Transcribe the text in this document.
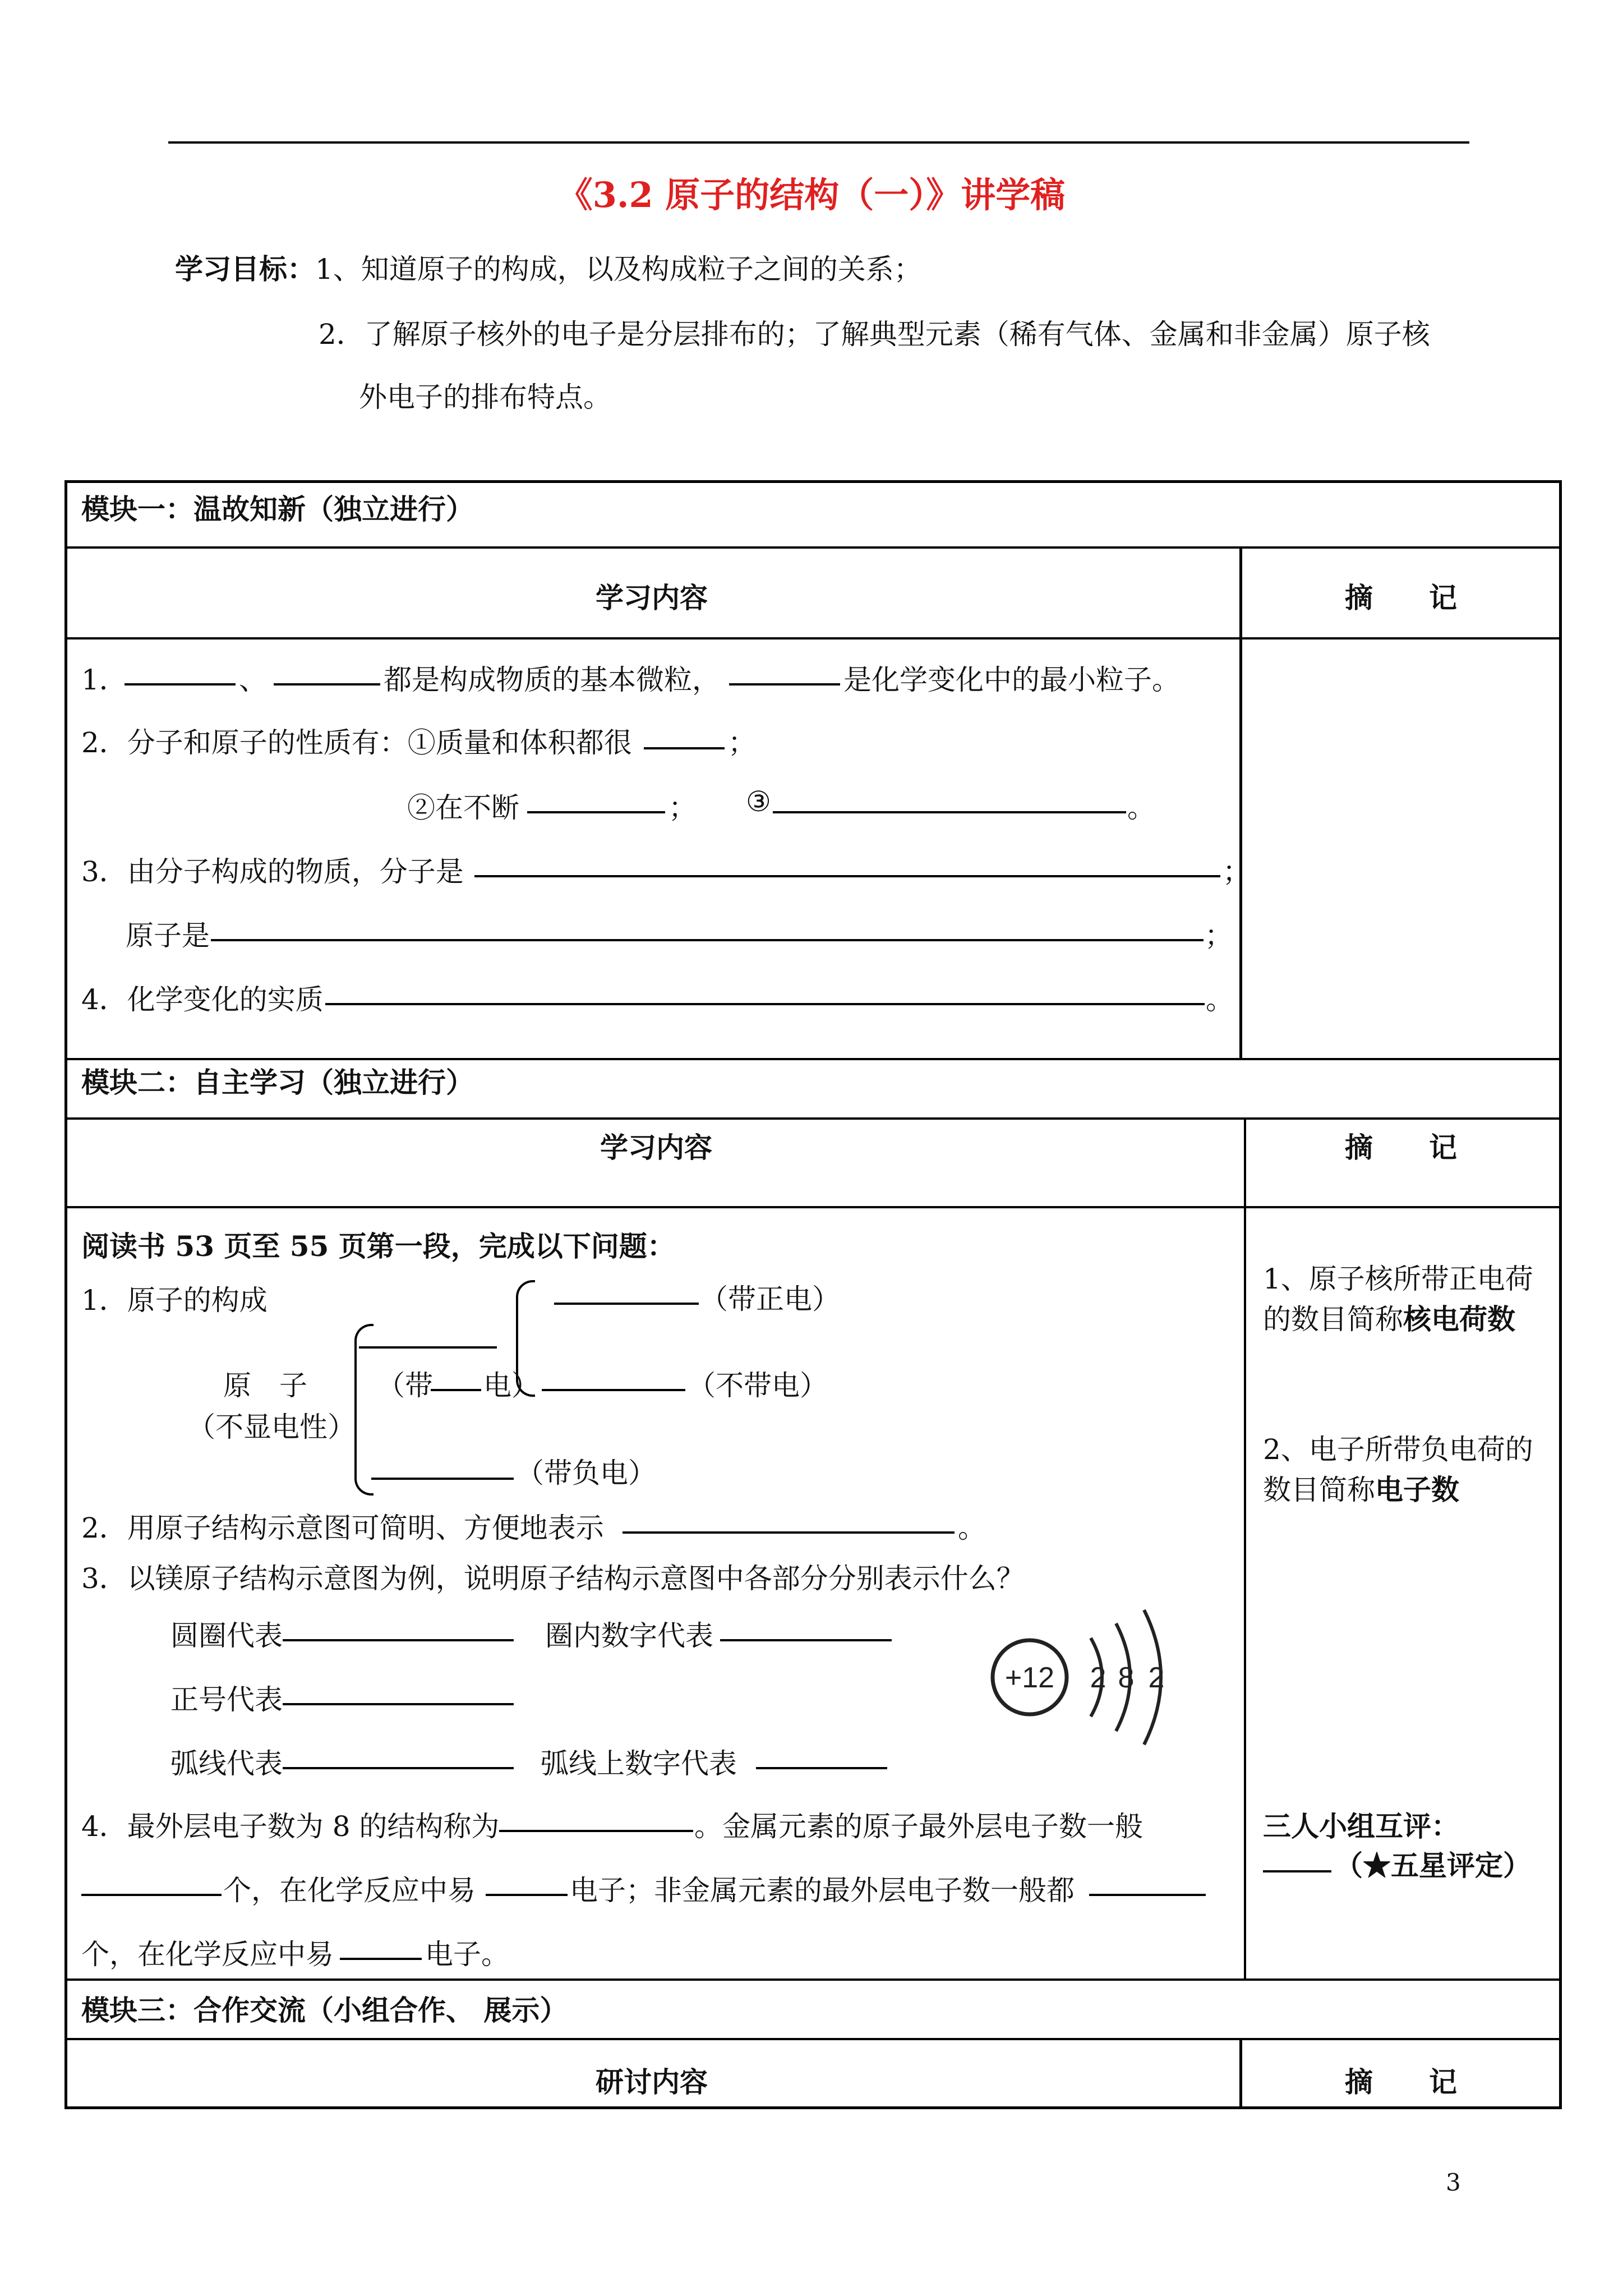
《3.2 原子的结构（一）》讲学稿
学习目标：1、知道原子的构成，以及构成粒子之间的关系；
2．了解原子核外的电子是分层排布的；了解典型元素（稀有气体、金属和非金属）原子核
外电子的排布特点。
模块一：温故知新（独立进行）
学习内容	摘　　记
1．	、	都是构成物质的基本微粒，	是化学变化中的最小粒子。
2．分子和原子的性质有：①质量和体积都很	；
②在不断	； ③	。
3．由分子构成的物质，分子是	；
原子是	；
4．化学变化的实质	。
模块二：自主学习（独立进行）
学习内容	摘　　记
阅读书 53 页至 55 页第一段，完成以下问题：
1．原子的构成	（带正电）
（带 电）	（不带电）
原　子
（不显电性）
（带负电）
2．用原子结构示意图可简明、方便地表示	。
3．以镁原子结构示意图为例，说明原子结构示意图中各部分分别表示什么？
圆圈代表	圈内数字代表
正号代表
弧线代表	弧线上数字代表
+12 2 8 2
4．最外层电子数为 8 的结构称为	。金属元素的原子最外层电子数一般
个，在化学反应中易	电子；非金属元素的最外层电子数一般都
个，在化学反应中易	电子。
1、原子核所带正电荷
的数目简称核电荷数
2、电子所带负电荷的
数目简称电子数
三人小组互评：
（★五星评定）
模块三：合作交流（小组合作、 展示）
研讨内容	摘　　记
3
